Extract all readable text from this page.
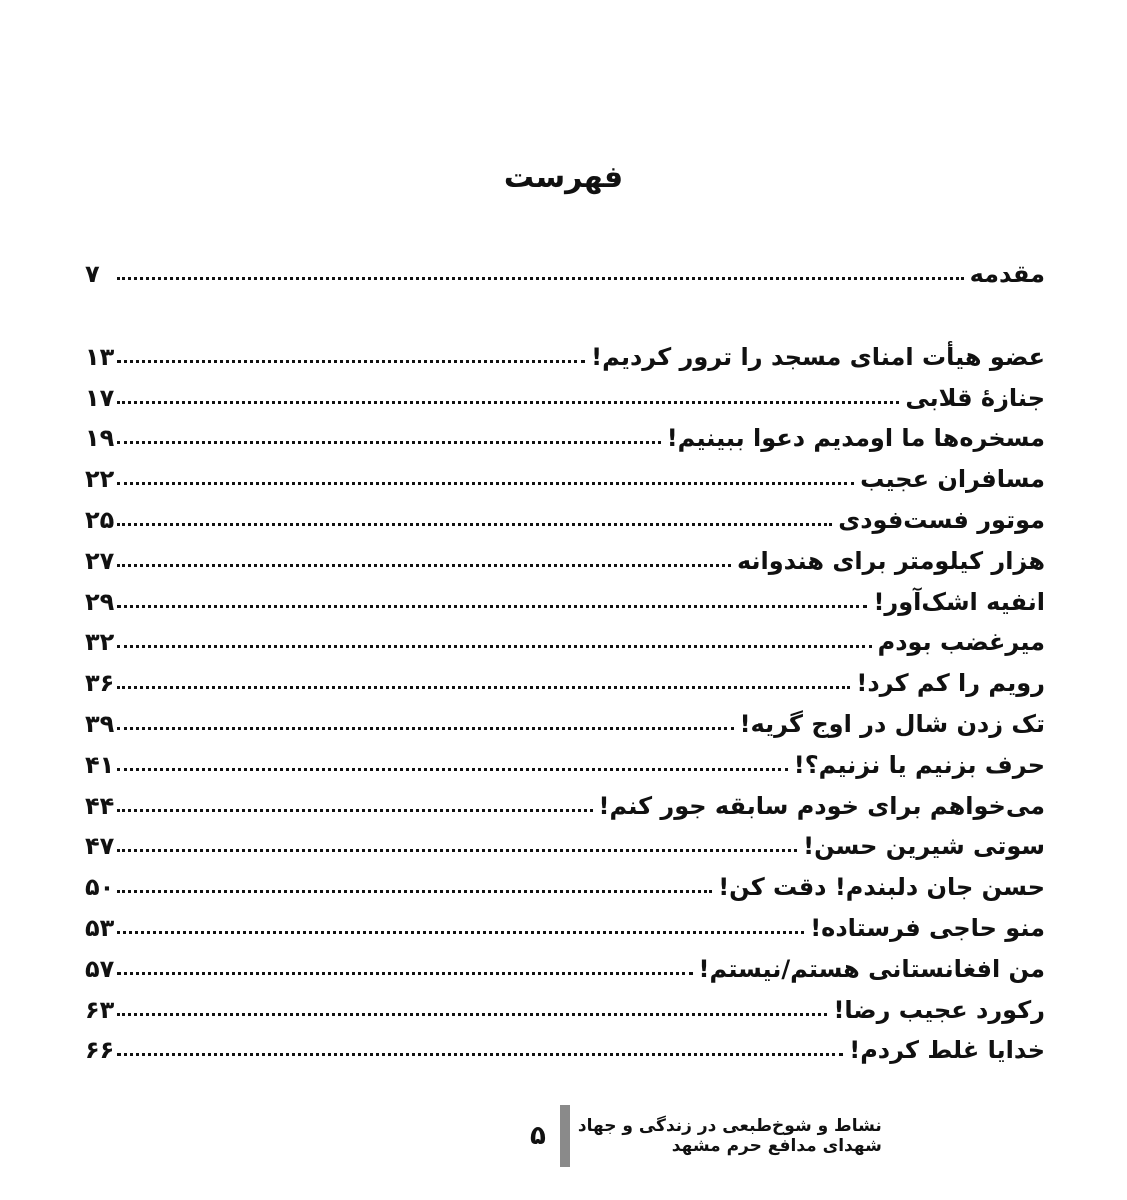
فهرست
مقدمه
۷
عضو هیأت امنای مسجد را ترور کردیم!
۱۳
جنازۀ قلابی
۱۷
مسخره‌ها ما اومدیم دعوا ببینیم!
۱۹
مسافران عجیب
۲۲
موتور فست‌فودی
۲۵
هزار کیلومتر برای هندوانه
۲۷
انفیه اشک‌آور!
۲۹
میرغضب بودم
۳۲
رویم را کم کرد!
۳۶
تک زدن شال در اوج گریه!
۳۹
حرف بزنیم یا نزنیم؟!
۴۱
می‌خواهم برای خودم سابقه جور کنم!
۴۴
سوتی شیرین حسن!
۴۷
حسن جان دلبندم! دقت کن!
۵۰
منو حاجی فرستاده!
۵۳
من افغانستانی هستم/نیستم!
۵۷
رکورد عجیب رضا!
۶۳
خدایا غلط کردم!
۶۶
نشاط و شوخ‌طبعی در زندگی و جهاد
شهدای مدافع حرم مشهد
۵
